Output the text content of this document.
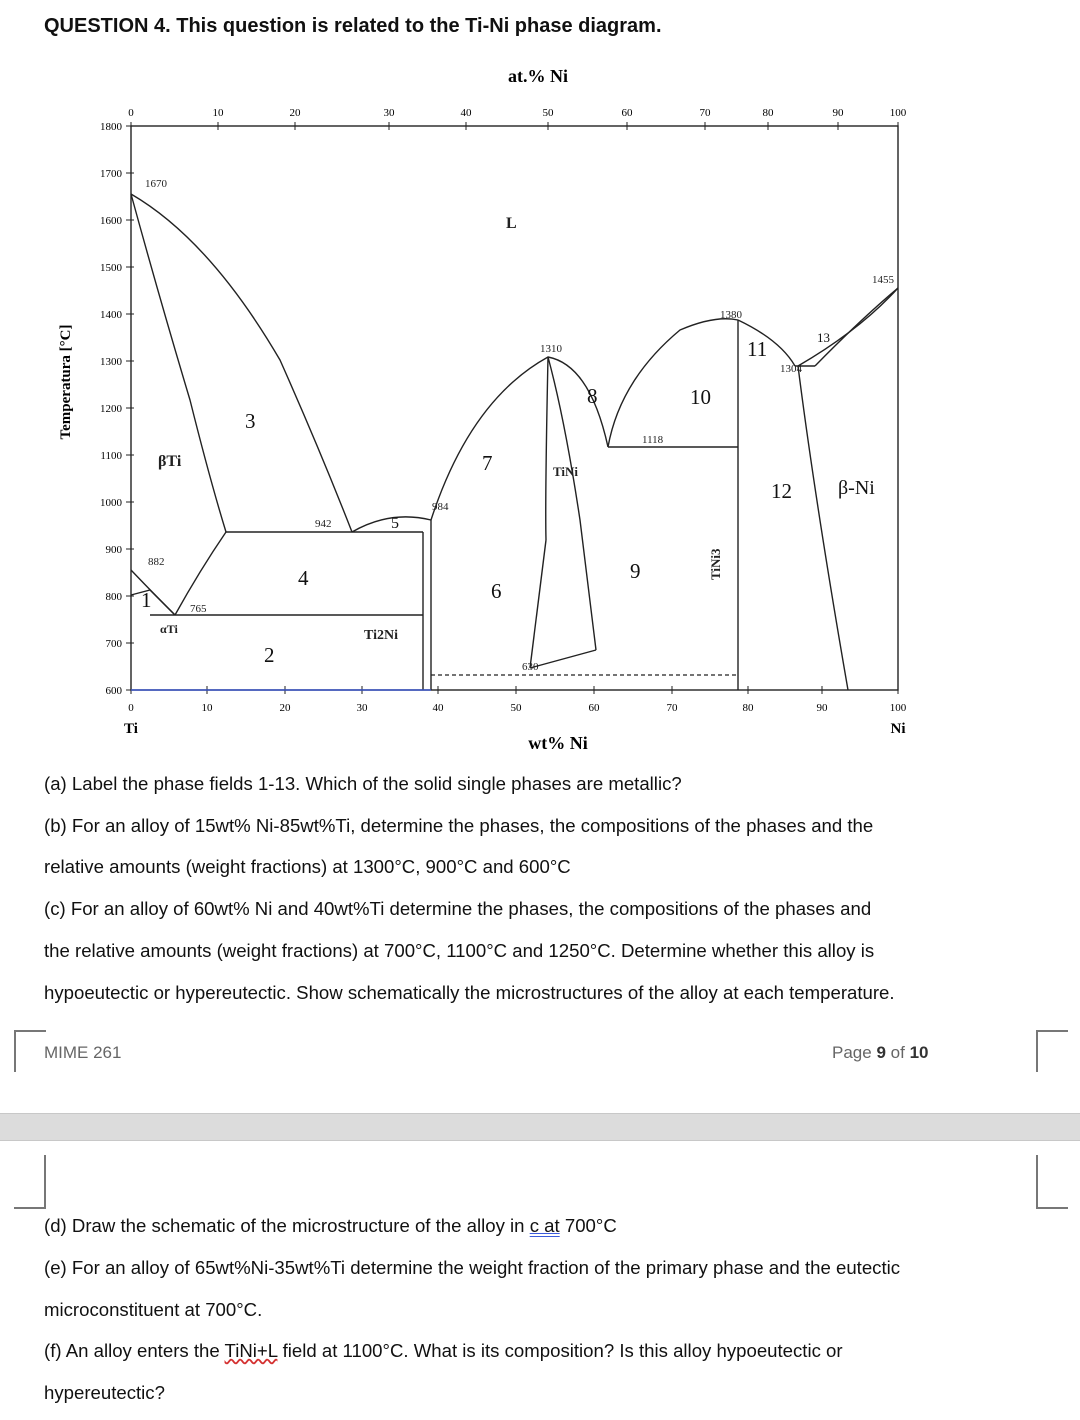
QUESTION 4. This question is related to the Ti-Ni phase diagram.
at.% Ni
wt% Ni
Temperatura [°C]
0	10	20	30	40	50	60	70	80	90	100
0	10	20	30	40	50	60	70	80	90	100
1800
1700
1600
1500
1400
1300
1200
1100
1000
900
800
700
600
Ti	Ni
1670
1455
1380
1310
1304
1118
984
942
882
765
630
L
βTi
αTi
TiNi
Ti2Ni
TiNi3
β-Ni
1
2
3
4
5
6
7
8
9
10
11
12
13
(a) Label the phase fields 1-13. Which of the solid single phases are metallic?
(b) For an alloy of 15wt% Ni-85wt%Ti, determine the phases, the compositions of the phases and the
relative amounts (weight fractions) at 1300°C, 900°C and 600°C
(c) For an alloy of 60wt% Ni and 40wt%Ti determine the phases, the compositions of the phases and
the relative amounts (weight fractions) at 700°C, 1100°C and 1250°C. Determine whether this alloy is
hypoeutectic or hypereutectic. Show schematically the microstructures of the alloy at each temperature.
MIME 261	Page 9 of 10
(d) Draw the schematic of the microstructure of the alloy in c at 700°C
(e) For an alloy of 65wt%Ni-35wt%Ti determine the weight fraction of the primary phase and the eutectic
microconstituent at 700°C.
(f) An alloy enters the TiNi+L field at 1100°C. What is its composition? Is this alloy hypoeutectic or
hypereutectic?
